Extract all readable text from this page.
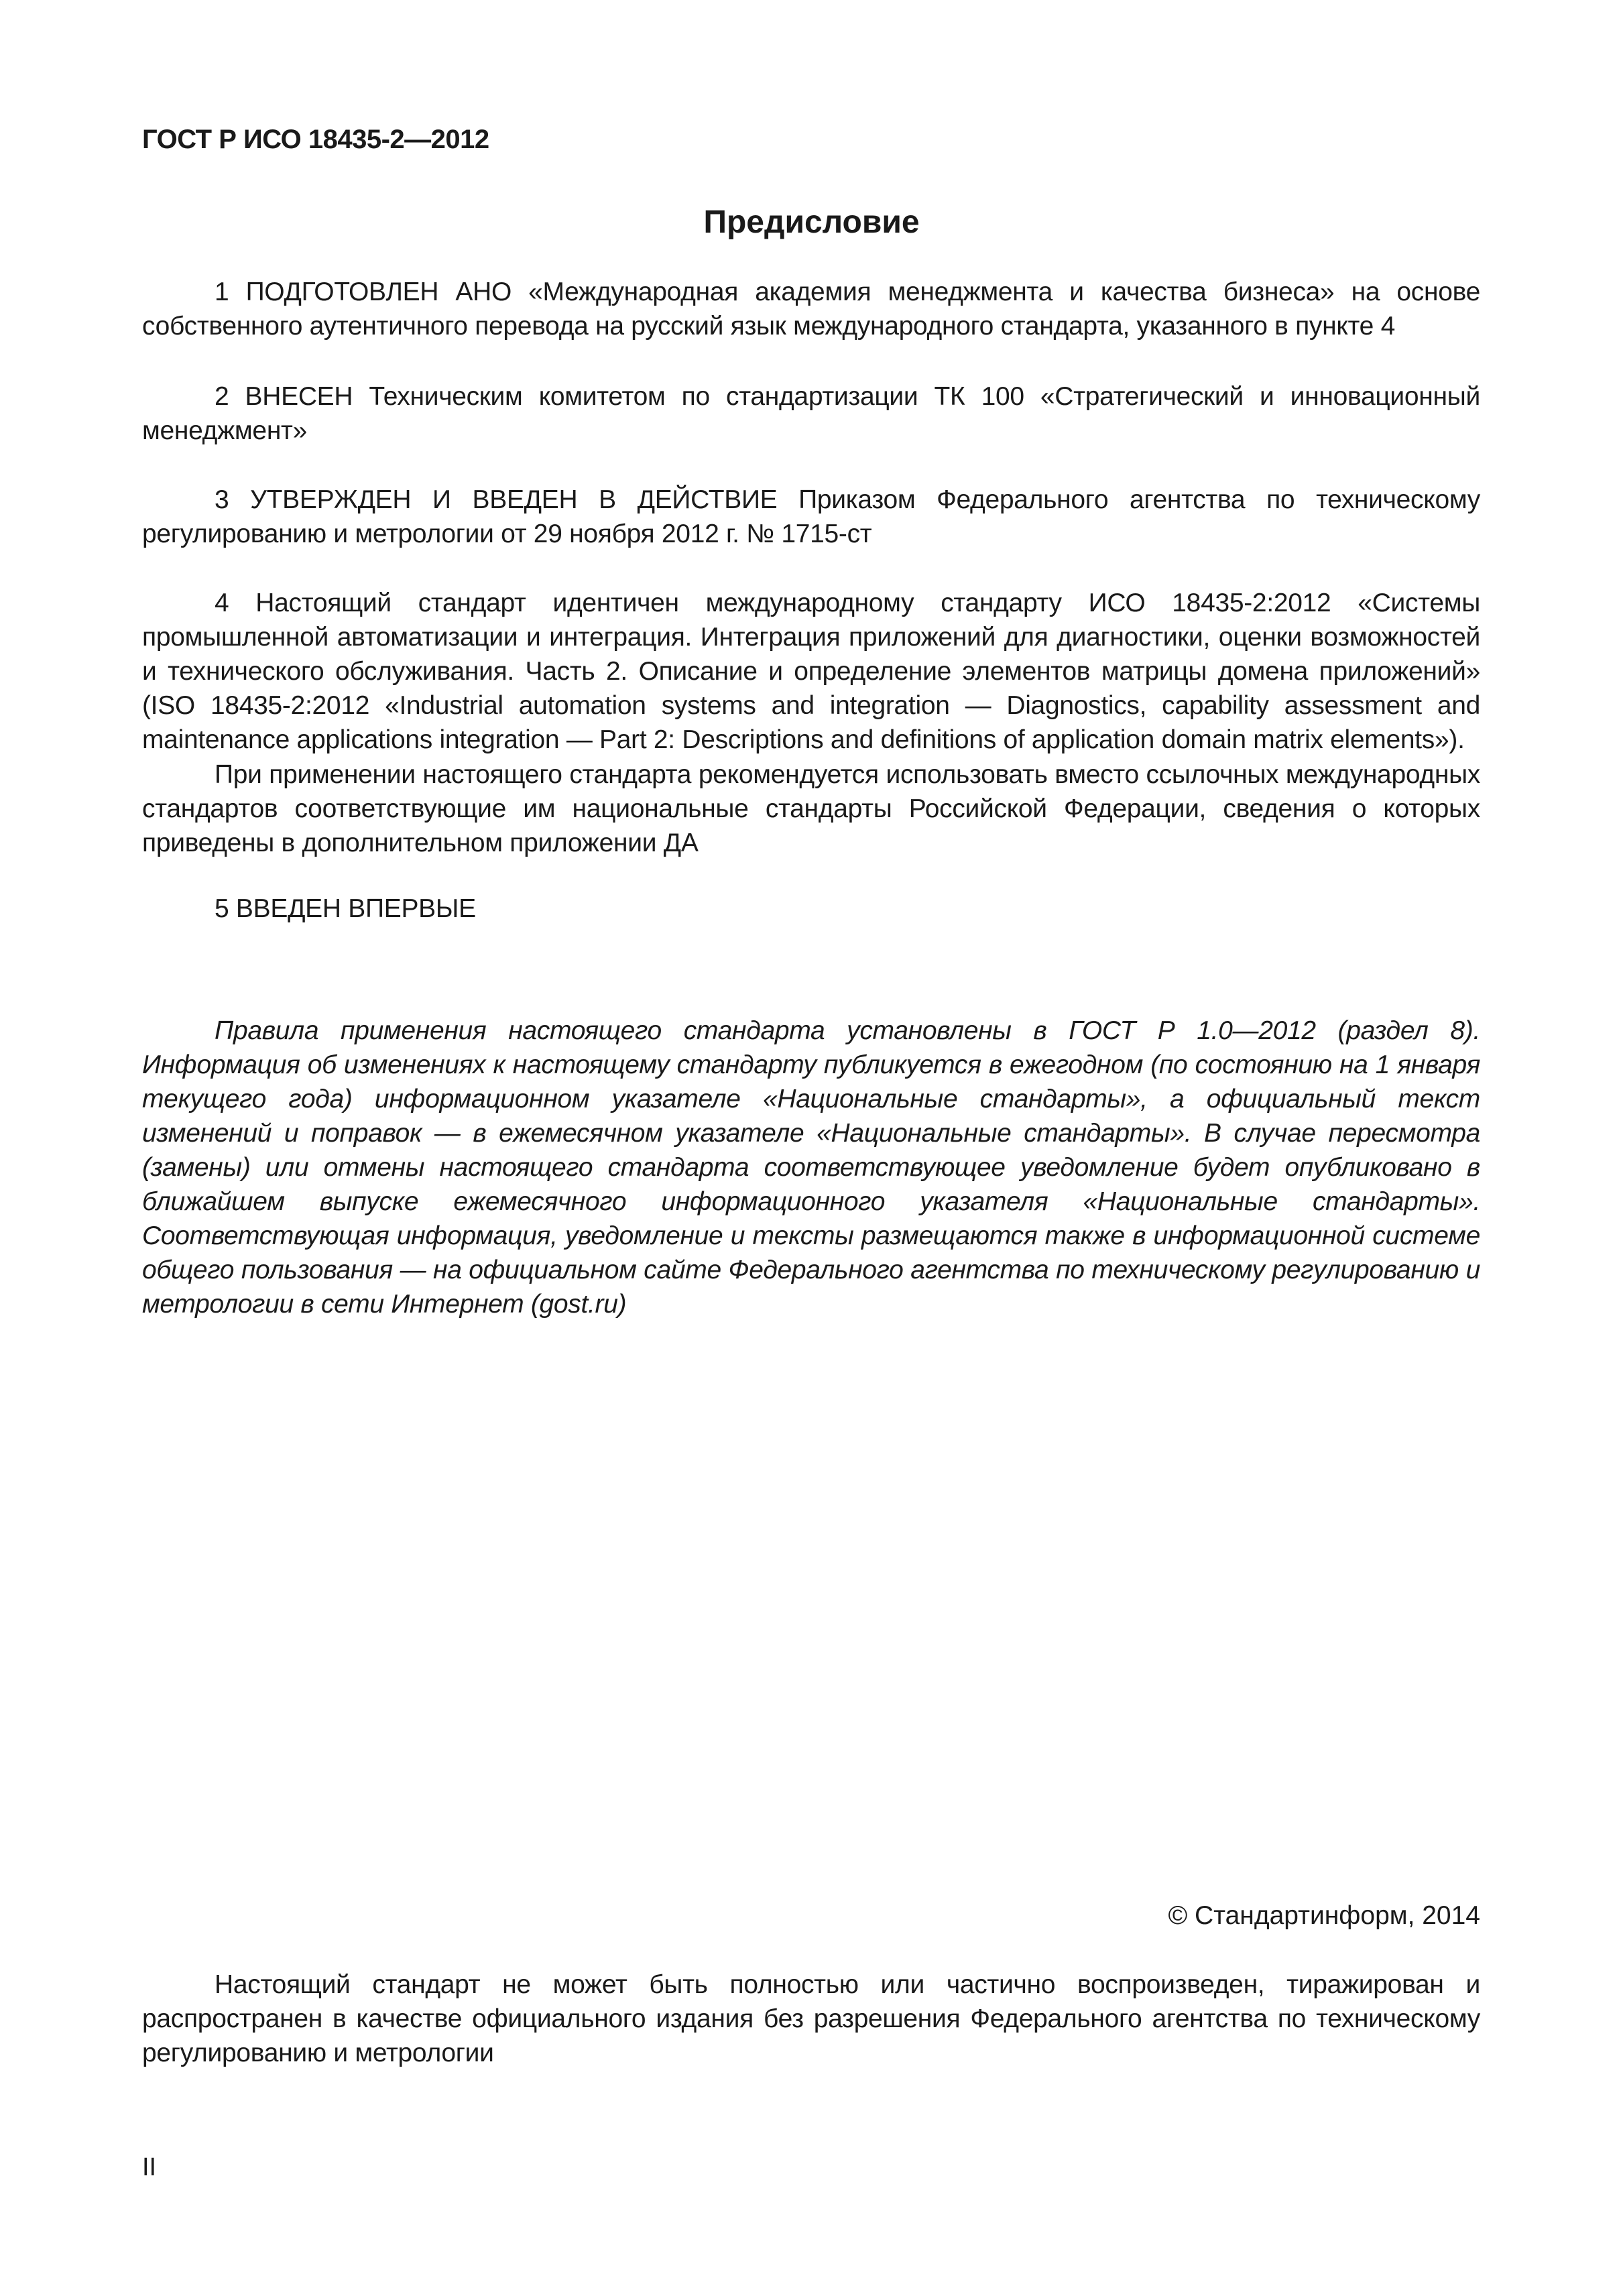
ГОСТ Р ИСО 18435-2—2012
Предисловие

1 ПОДГОТОВЛЕН АНО «Международная академия менеджмента и качества бизнеса» на основе собственного аутентичного перевода на русский язык международного стандарта, указанного в пункте 4

2 ВНЕСЕН Техническим комитетом по стандартизации ТК 100 «Стратегический и инновационный менеджмент»

3 УТВЕРЖДЕН И ВВЕДЕН В ДЕЙСТВИЕ Приказом Федерального агентства по техническому регулированию и метрологии от 29 ноября 2012 г. № 1715-ст

4 Настоящий стандарт идентичен международному стандарту ИСО 18435-2:2012 «Системы промышленной автоматизации и интеграция. Интеграция приложений для диагностики, оценки возможностей и технического обслуживания. Часть 2. Описание и определение элементов матрицы домена приложений» (ISO 18435-2:2012 «Industrial automation systems and integration — Diagnostics, capability assessment and maintenance applications integration — Part 2: Descriptions and definitions of application domain matrix elements»).

При применении настоящего стандарта рекомендуется использовать вместо ссылочных международных стандартов соответствующие им национальные стандарты Российской Федерации, сведения о которых приведены в дополнительном приложении ДА

5 ВВЕДЕН ВПЕРВЫЕ

Правила применения настоящего стандарта установлены в ГОСТ Р 1.0—2012 (раздел 8). Информация об изменениях к настоящему стандарту публикуется в ежегодном (по состоянию на 1 января текущего года) информационном указателе «Национальные стандарты», а официальный текст изменений и поправок — в ежемесячном указателе «Национальные стандарты». В случае пересмотра (замены) или отмены настоящего стандарта соответствующее уведомление будет опубликовано в ближайшем выпуске ежемесячного информационного указателя «Национальные стандарты». Соответствующая информация, уведомление и тексты размещаются также в информационной системе общего пользования — на официальном сайте Федерального агентства по техническому регулированию и метрологии в сети Интернет (gost.ru)

© Стандартинформ, 2014

Настоящий стандарт не может быть полностью или частично воспроизведен, тиражирован и распространен в качестве официального издания без разрешения Федерального агентства по техническому регулированию и метрологии

II
